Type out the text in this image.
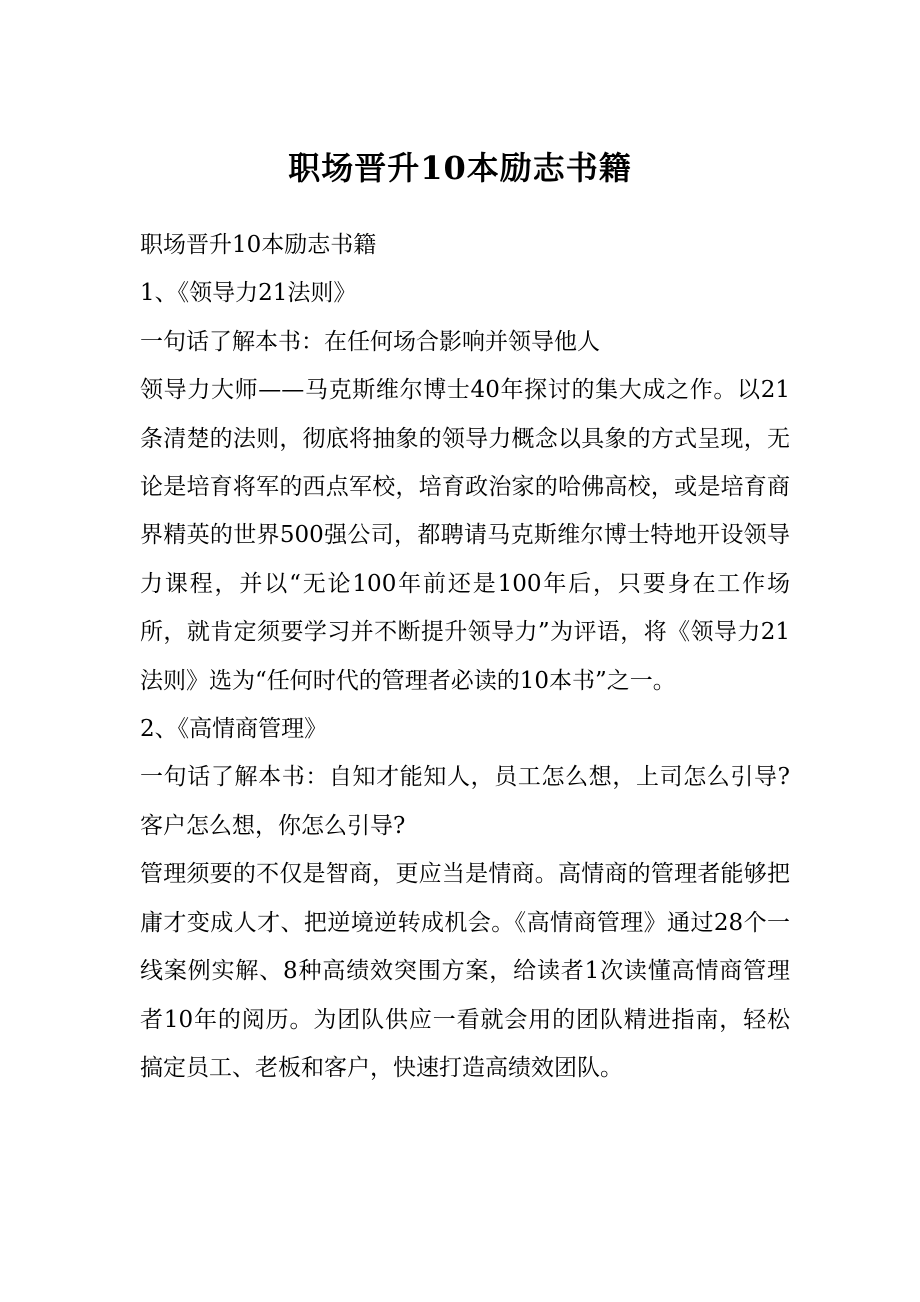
职场晋升10本励志书籍

职场晋升10本励志书籍

1、《领导力21法则》

一句话了解本书：在任何场合影响并领导他人

领导力大师——马克斯维尔博士40年探讨的集大成之作。以21条清楚的法则，彻底将抽象的领导力概念以具象的方式呈现，无论是培育将军的西点军校，培育政治家的哈佛高校，或是培育商界精英的世界500强公司，都聘请马克斯维尔博士特地开设领导力课程，并以“无论100年前还是100年后，只要身在工作场所，就肯定须要学习并不断提升领导力”为评语，将《领导力21法则》选为“任何时代的管理者必读的10本书”之一。

2、《高情商管理》

一句话了解本书：自知才能知人，员工怎么想，上司怎么引导?客户怎么想，你怎么引导?

管理须要的不仅是智商，更应当是情商。高情商的管理者能够把庸才变成人才、把逆境逆转成机会。《高情商管理》通过28个一线案例实解、8种高绩效突围方案，给读者1次读懂高情商管理者10年的阅历。为团队供应一看就会用的团队精进指南，轻松搞定员工、老板和客户，快速打造高绩效团队。
